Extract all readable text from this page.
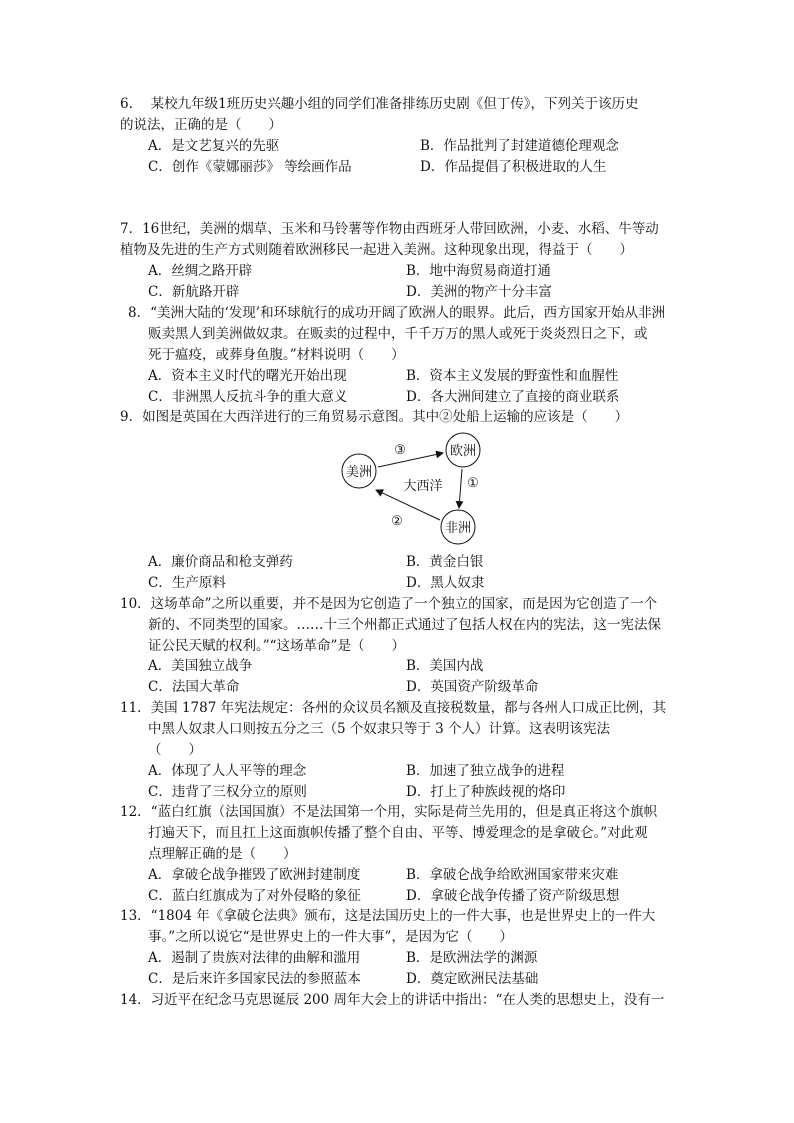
6.　 某校九年级1班历史兴趣小组的同学们准备排练历史剧《但丁传》，下列关于该历史
的说法，正确的是（　　）
A．是文艺复兴的先驱	B．作品批判了封建道德伦理观念
C．创作《蒙娜丽莎》 等绘画作品	D．作品提倡了积极进取的人生
7．16世纪，美洲的烟草、玉米和马铃薯等作物由西班牙人带回欧洲，小麦、水稻、牛等动
植物及先进的生产方式则随着欧洲移民一起进入美洲。这种现象出现，得益于（　　）
A．丝绸之路开辟	B．地中海贸易商道打通
C．新航路开辟	D．美洲的物产十分丰富
8．“美洲大陆的‘发现’和环球航行的成功开阔了欧洲人的眼界。此后，西方国家开始从非洲
贩卖黑人到美洲做奴隶。在贩卖的过程中，千千万万的黑人或死于炎炎烈日之下，或
死于瘟疫，或葬身鱼腹。”材料说明（　　）
A．资本主义时代的曙光开始出现	B．资本主义发展的野蛮性和血腥性
C．非洲黑人反抗斗争的重大意义	D．各大洲间建立了直接的商业联系
9．如图是英国在大西洋进行的三角贸易示意图。其中②处船上运输的应该是（　　）
欧洲
美洲
非洲
大西洋 ①
②
③
A．廉价商品和枪支弹药	B．黄金白银
C．生产原料	D．黑人奴隶
10．这场革命”之所以重要，并不是因为它创造了一个独立的国家，而是因为它创造了一个
新的、不同类型的国家。……十三个州都正式通过了包括人权在内的宪法，这一宪法保
证公民天赋的权利。”“这场革命”是（　　）
A．美国独立战争	B．美国内战
C．法国大革命	D．英国资产阶级革命
11．美国 1787 年宪法规定：各州的众议员名额及直接税数量，都与各州人口成正比例，其
中黑人奴隶人口则按五分之三（5 个奴隶只等于 3 个人）计算。这表明该宪法
（　　）
A．体现了人人平等的理念	B．加速了独立战争的进程
C．违背了三权分立的原则	D．打上了种族歧视的烙印
12．“蓝白红旗（法国国旗）不是法国第一个用，实际是荷兰先用的，但是真正将这个旗帜
打遍天下，而且扛上这面旗帜传播了整个自由、平等、博爱理念的是拿破仑。”对此观
点理解正确的是（　　）
A．拿破仑战争摧毁了欧洲封建制度	B．拿破仑战争给欧洲国家带来灾难
C．蓝白红旗成为了对外侵略的象征	D．拿破仑战争传播了资产阶级思想
13．“1804 年《拿破仑法典》颁布，这是法国历史上的一件大事，也是世界史上的一件大
事。”之所以说它“是世界史上的一件大事”，是因为它（　　）
A．遏制了贵族对法律的曲解和滥用	B．是欧洲法学的渊源
C．是后来许多国家民法的参照蓝本	D．奠定欧洲民法基础
14．习近平在纪念马克思诞辰 200 周年大会上的讲话中指出：“在人类的思想史上，没有一
